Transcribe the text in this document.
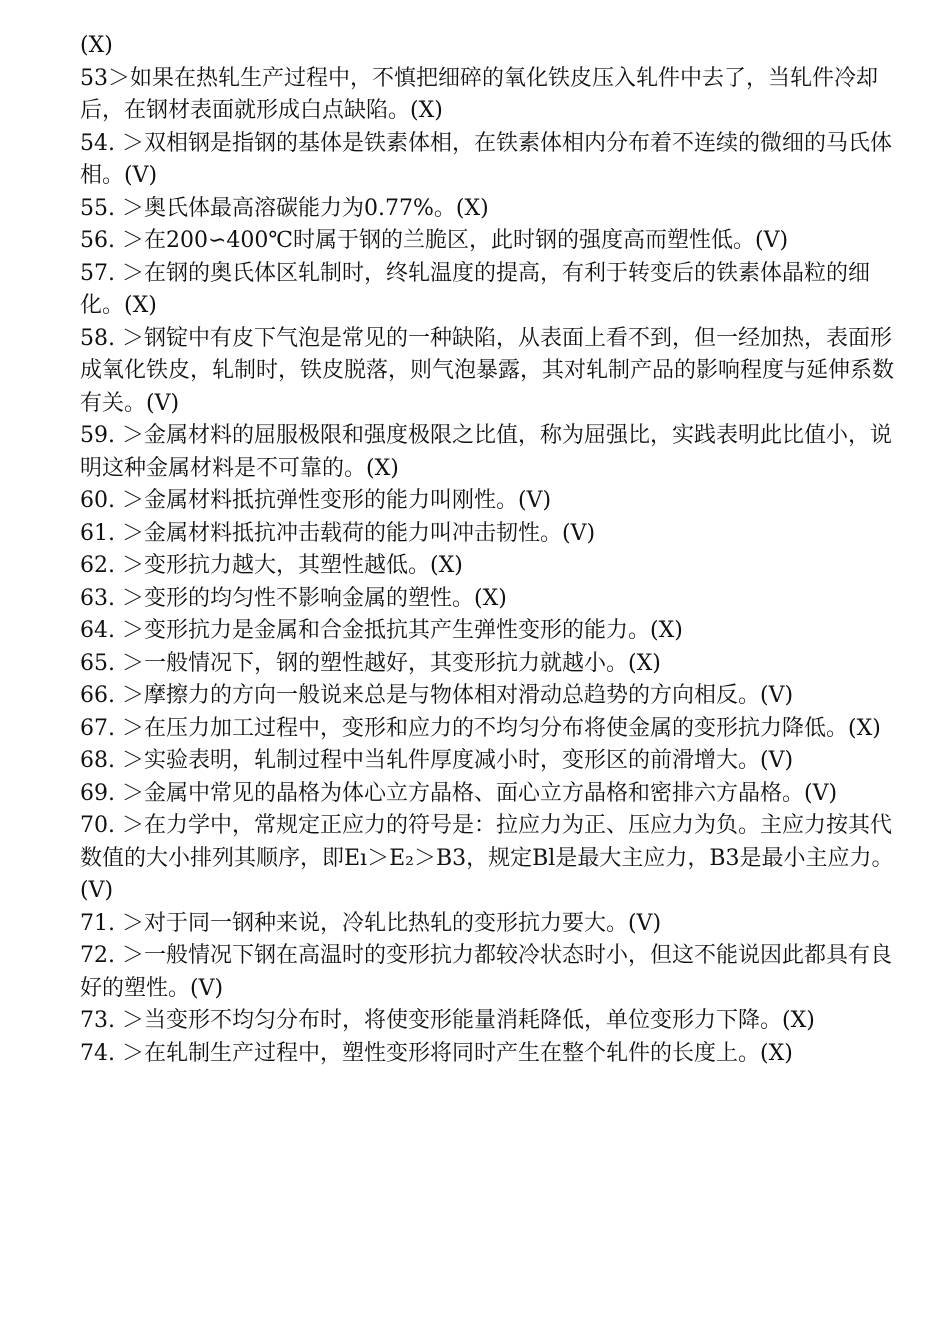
(X)

53＞如果在热轧生产过程中，不慎把细碎的氧化铁皮压入轧件中去了，当轧件冷却后，在钢材表面就形成白点缺陷。(X)

54. ＞双相钢是指钢的基体是铁素体相，在铁素体相内分布着不连续的微细的马氏体相。(V)

55. ＞奥氏体最高溶碳能力为0.77%。(X)

56. ＞在200∽400℃时属于钢的兰脆区，此时钢的强度高而塑性低。(V)

57. ＞在钢的奥氏体区轧制时，终轧温度的提高，有利于转变后的铁素体晶粒的细化。(X)

58. ＞钢锭中有皮下气泡是常见的一种缺陷，从表面上看不到，但一经加热，表面形成氧化铁皮，轧制时，铁皮脱落，则气泡暴露，其对轧制产品的影响程度与延伸系数有关。(V)

59. ＞金属材料的屈服极限和强度极限之比值，称为屈强比，实践表明此比值小，说明这种金属材料是不可靠的。(X)

60. ＞金属材料抵抗弹性变形的能力叫刚性。(V)

61. ＞金属材料抵抗冲击载荷的能力叫冲击韧性。(V)

62. ＞变形抗力越大，其塑性越低。(X)

63. ＞变形的均匀性不影响金属的塑性。(X)

64. ＞变形抗力是金属和合金抵抗其产生弹性变形的能力。(X)

65. ＞一般情况下，钢的塑性越好，其变形抗力就越小。(X)

66. ＞摩擦力的方向一般说来总是与物体相对滑动总趋势的方向相反。(V)

67. ＞在压力加工过程中，变形和应力的不均匀分布将使金属的变形抗力降低。(X)

68. ＞实验表明，轧制过程中当轧件厚度减小时，变形区的前滑增大。(V)

69. ＞金属中常见的晶格为体心立方晶格、面心立方晶格和密排六方晶格。(V)

70. ＞在力学中，常规定正应力的符号是：拉应力为正、压应力为负。主应力按其代数值的大小排列其顺序，即Eı＞E₂＞B3，规定Bl是最大主应力，B3是最小主应力。(V)

71. ＞对于同一钢种来说，冷轧比热轧的变形抗力要大。(V)

72. ＞一般情况下钢在高温时的变形抗力都较冷状态时小，但这不能说因此都具有良好的塑性。(V)

73. ＞当变形不均匀分布时，将使变形能量消耗降低，单位变形力下降。(X)

74. ＞在轧制生产过程中，塑性变形将同时产生在整个轧件的长度上。(X)
